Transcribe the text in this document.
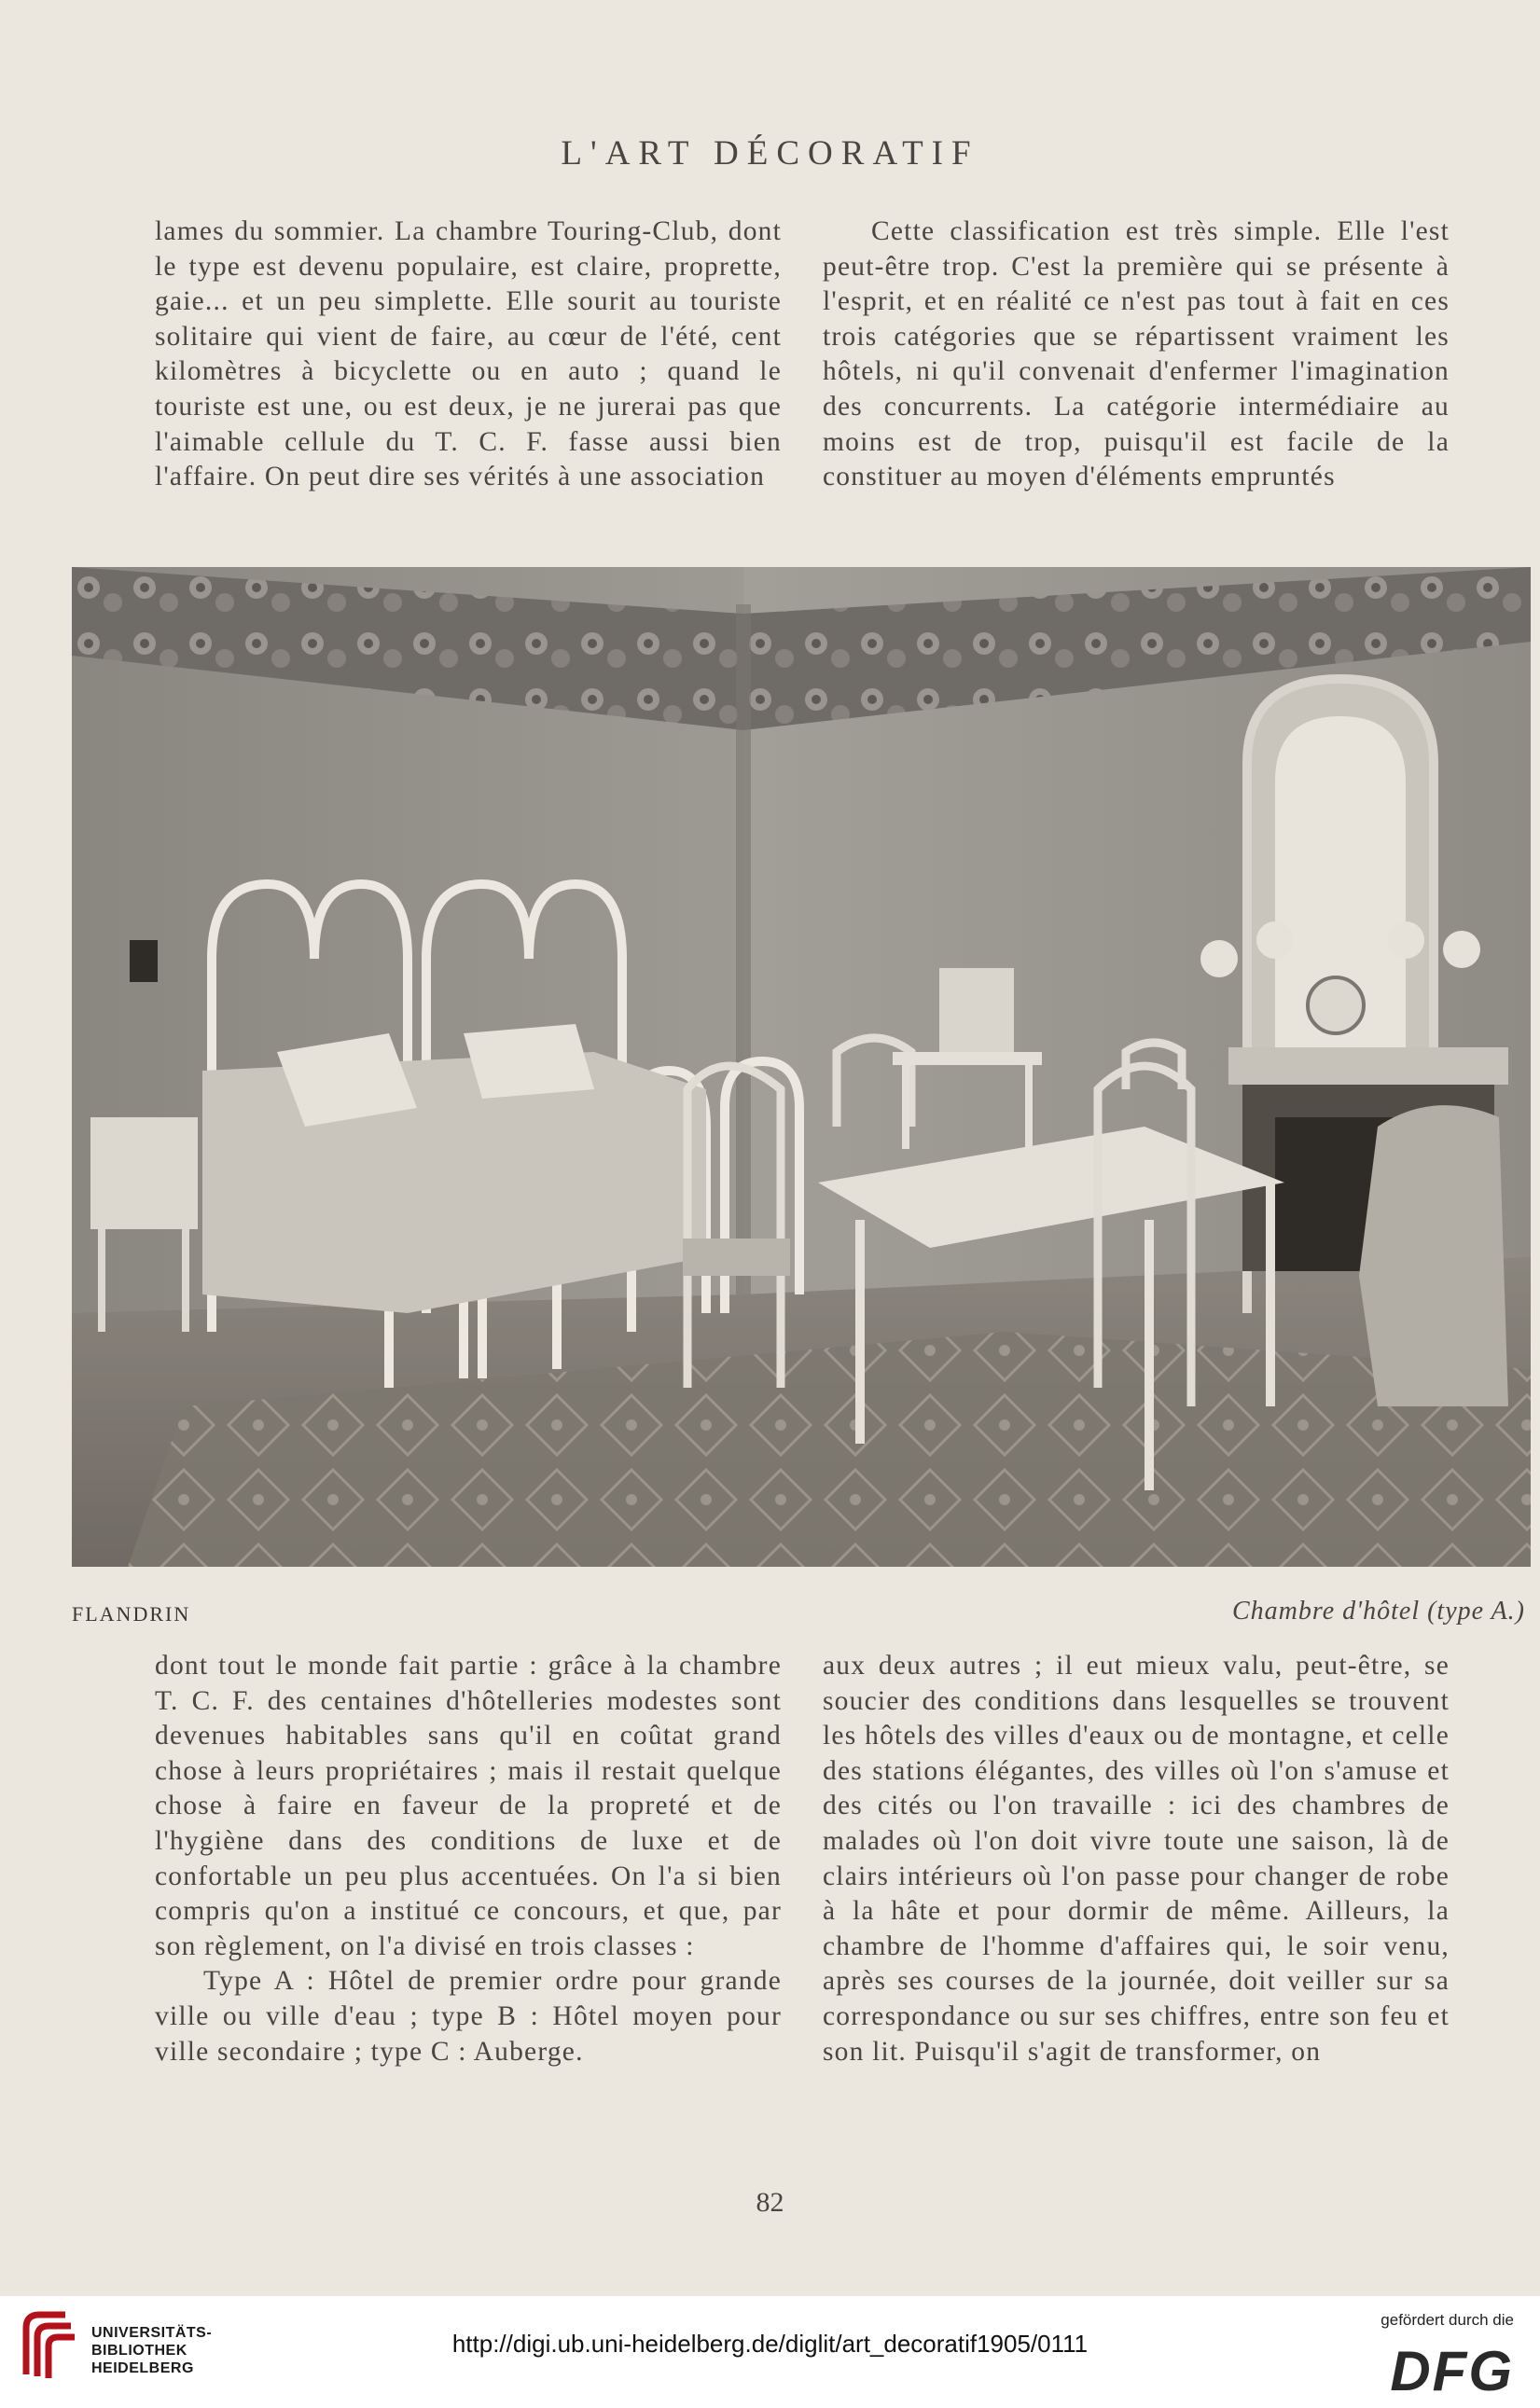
L'ART DÉCORATIF

lames du sommier. La chambre Touring-Club, dont le type est devenu populaire, est claire, proprette, gaie... et un peu simplette. Elle sourit au touriste solitaire qui vient de faire, au cœur de l'été, cent kilomètres à bicyclette ou en auto ; quand le touriste est une, ou est deux, je ne jurerai pas que l'aimable cellule du T. C. F. fasse aussi bien l'affaire. On peut dire ses vérités à une association

Cette classification est très simple. Elle l'est peut-être trop. C'est la première qui se présente à l'esprit, et en réalité ce n'est pas tout à fait en ces trois catégories que se répartissent vraiment les hôtels, ni qu'il convenait d'enfermer l'imagination des concurrents. La catégorie intermédiaire au moins est de trop, puisqu'il est facile de la constituer au moyen d'éléments empruntés

FLANDRIN	Chambre d'hôtel (type A.)

dont tout le monde fait partie : grâce à la chambre T. C. F. des centaines d'hôtelleries modestes sont devenues habitables sans qu'il en coûtat grand chose à leurs propriétaires ; mais il restait quelque chose à faire en faveur de la propreté et de l'hygiène dans des conditions de luxe et de confortable un peu plus accentuées. On l'a si bien compris qu'on a institué ce concours, et que, par son règlement, on l'a divisé en trois classes :

Type A : Hôtel de premier ordre pour grande ville ou ville d'eau ; type B : Hôtel moyen pour ville secondaire ; type C : Auberge.

aux deux autres ; il eut mieux valu, peut-être, se soucier des conditions dans lesquelles se trouvent les hôtels des villes d'eaux ou de montagne, et celle des stations élégantes, des villes où l'on s'amuse et des cités ou l'on travaille : ici des chambres de malades où l'on doit vivre toute une saison, là de clairs intérieurs où l'on passe pour changer de robe à la hâte et pour dormir de même. Ailleurs, la chambre de l'homme d'affaires qui, le soir venu, après ses courses de la journée, doit veiller sur sa correspondance ou sur ses chiffres, entre son feu et son lit. Puisqu'il s'agit de transformer, on

82
UNIVERSITÄTS-
BIBLIOTHEK
HEIDELBERG
http://digi.ub.uni-heidelberg.de/diglit/art_decoratif1905/0111
gefördert durch die
DFG
